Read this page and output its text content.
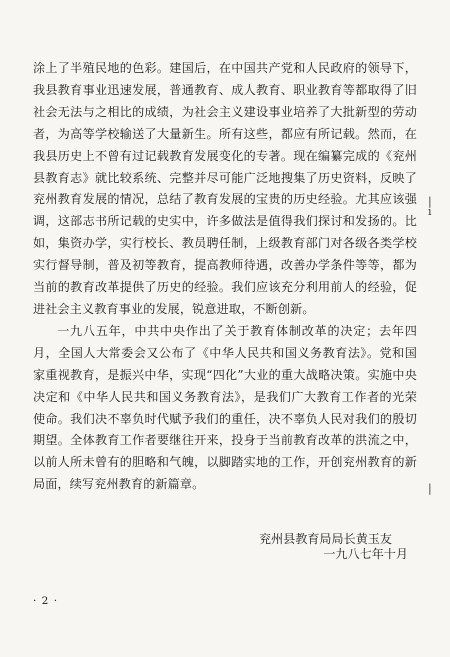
涂上了半殖民地的色彩。建国后，在中国共产党和人民政府的领导下，我县教育事业迅速发展，普通教育、成人教育、职业教育等都取得了旧社会无法与之相比的成绩，为社会主义建设事业培养了大批新型的劳动者，为高等学校输送了大量新生。所有这些，都应有所记载。然而，在我县历史上不曾有过记载教育发展变化的专著。现在编纂完成的《兖州县教育志》就比较系统、完整并尽可能广泛地搜集了历史资料，反映了兖州教育发展的情况，总结了教育发展的宝贵的历史经验。尤其应该强调，这部志书所记载的史实中，许多做法是值得我们探讨和发扬的。比如，集资办学，实行校长、教员聘任制，上级教育部门对各级各类学校实行督导制，普及初等教育，提高教师待遇，改善办学条件等等，都为当前的教育改革提供了历史的经验。我们应该充分利用前人的经验，促进社会主义教育事业的发展，锐意进取，不断创新。

一九八五年，中共中央作出了关于教育体制改革的决定；去年四月，全国人大常委会又公布了《中华人民共和国义务教育法》。党和国家重视教育，是振兴中华，实现“四化”大业的重大战略决策。实施中央决定和《中华人民共和国义务教育法》，是我们广大教育工作者的光荣使命。我们决不辜负时代赋予我们的重任，决不辜负人民对我们的殷切期望。全体教育工作者要继往开来，投身于当前教育改革的洪流之中，以前人所未曾有的胆略和气魄，以脚踏实地的工作，开创兖州教育的新局面，续写兖州教育的新篇章。

兖州县教育局局长黄玉友
一九八七年十月
· 2 ·
|
ı
|
